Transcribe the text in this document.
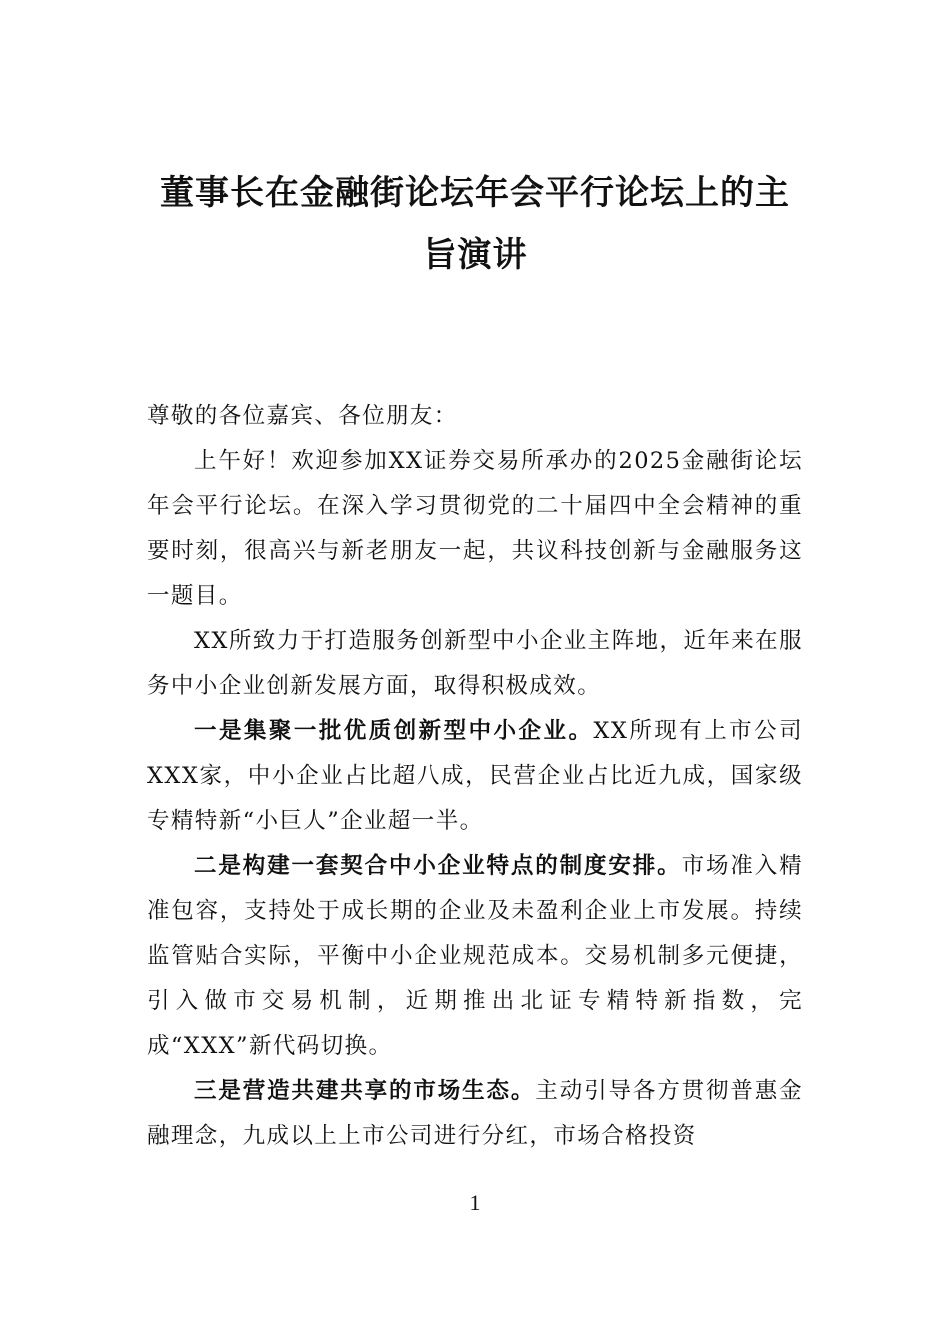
董事长在金融街论坛年会平行论坛上的主旨演讲

尊敬的各位嘉宾、各位朋友：

上午好！欢迎参加XX证券交易所承办的2025金融街论坛年会平行论坛。在深入学习贯彻党的二十届四中全会精神的重要时刻，很高兴与新老朋友一起，共议科技创新与金融服务这一题目。

XX所致力于打造服务创新型中小企业主阵地，近年来在服务中小企业创新发展方面，取得积极成效。

一是集聚一批优质创新型中小企业。XX所现有上市公司XXX家，中小企业占比超八成，民营企业占比近九成，国家级专精特新“小巨人”企业超一半。

二是构建一套契合中小企业特点的制度安排。市场准入精准包容，支持处于成长期的企业及未盈利企业上市发展。持续监管贴合实际，平衡中小企业规范成本。交易机制多元便捷，引入做市交易机制，近期推出北证专精特新指数，完成“XXX”新代码切换。

三是营造共建共享的市场生态。主动引导各方贯彻普惠金融理念，九成以上上市公司进行分红，市场合格投资

1
